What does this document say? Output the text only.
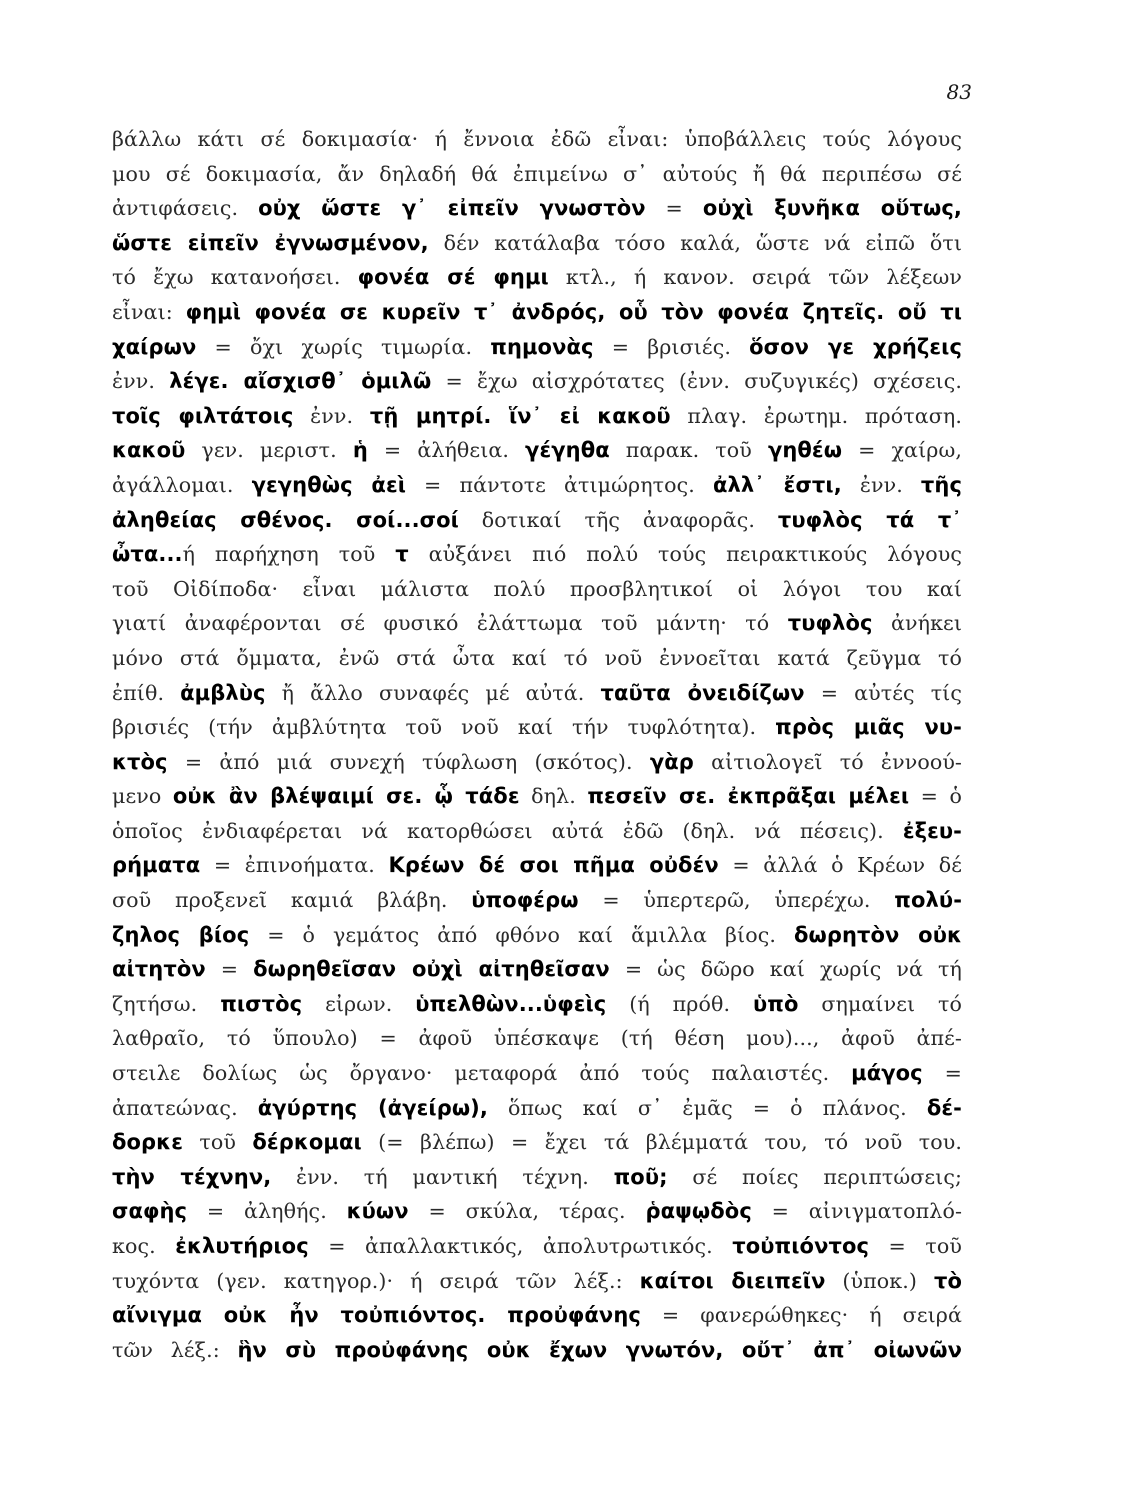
83
βάλλω κάτι σέ δοκιμασία· ή ἔννοια ἐδῶ εἶναι: ὑποβάλλεις τούς λόγους
μου σέ δοκιμασία, ἄν δηλαδή θά ἐπιμείνω σ᾽ αὐτούς ἤ θά περιπέσω σέ
ἀντιφάσεις. οὐχ ὥστε γ᾽ εἰπεῖν γνωστὸν = οὐχὶ ξυνῆκα οὕτως,
ὥστε εἰπεῖν ἐγνωσμένον, δέν κατάλαβα τόσο καλά, ὥστε νά εἰπῶ ὅτι
τό ἔχω κατανοήσει. φονέα σέ φημι κτλ., ή κανον. σειρά τῶν λέξεων
εἶναι: φημὶ φονέα σε κυρεῖν τ᾽ ἀνδρός, οὗ τὸν φονέα ζητεῖς. οὔ τι
χαίρων = ὄχι χωρίς τιμωρία. πημονὰς = βρισιές. ὅσον γε χρήζεις
ἐνν. λέγε. αἴσχισθ᾽ ὁμιλῶ = ἔχω αἰσχρότατες (ἐνν. συζυγικές) σχέσεις.
τοῖς φιλτάτοις ἐνν. τῇ μητρί. ἵν᾽ εἰ κακοῦ πλαγ. ἐρωτημ. πρόταση.
κακοῦ γεν. μεριστ. ἡ = ἀλήθεια. γέγηθα παρακ. τοῦ γηθέω = χαίρω,
ἀγάλλομαι. γεγηθὼς ἀεὶ = πάντοτε ἀτιμώρητος. ἀλλ᾽ ἔστι, ἐνν. τῆς
ἀληθείας σθένος. σοί...σοί δοτικαί τῆς ἀναφορᾶς. τυφλὸς τά τ᾽
ὦτα...ή παρήχηση τοῦ τ αὐξάνει πιό πολύ τούς πειρακτικούς λόγους
τοῦ Οἰδίποδα· εἶναι μάλιστα πολύ προσβλητικοί οἱ λόγοι του καί
γιατί ἀναφέρονται σέ φυσικό ἐλάττωμα τοῦ μάντη· τό τυφλὸς ἀνήκει
μόνο στά ὄμματα, ἐνῶ στά ὦτα καί τό νοῦ ἐννοεῖται κατά ζεῦγμα τό
ἐπίθ. ἀμβλὺς ἤ ἄλλο συναφές μέ αὐτά. ταῦτα ὀνειδίζων = αὐτές τίς
βρισιές (τήν ἀμβλύτητα τοῦ νοῦ καί τήν τυφλότητα). πρὸς μιᾶς νυ-
κτὸς = ἀπό μιά συνεχή τύφλωση (σκότος). γὰρ αἰτιολογεῖ τό ἐννοού-
μενο οὐκ ἂν βλέψαιμί σε. ᾧ τάδε δηλ. πεσεῖν σε. ἐκπρᾶξαι μέλει = ὁ
ὁποῖος ἐνδιαφέρεται νά κατορθώσει αὐτά ἐδῶ (δηλ. νά πέσεις). ἐξευ-
ρήματα = ἐπινοήματα. Κρέων δέ σοι πῆμα οὐδέν = ἀλλά ὁ Κρέων δέ
σοῦ προξενεῖ καμιά βλάβη. ὑποφέρω = ὑπερτερῶ, ὑπερέχω. πολύ-
ζηλος βίος = ὁ γεμάτος ἀπό φθόνο καί ἅμιλλα βίος. δωρητὸν οὐκ
αἰτητὸν = δωρηθεῖσαν οὐχὶ αἰτηθεῖσαν = ὡς δῶρο καί χωρίς νά τή
ζητήσω. πιστὸς εἰρων. ὑπελθὼν...ὑφεὶς (ή πρόθ. ὑπὸ σημαίνει τό
λαθραῖο, τό ὕπουλο) = ἀφοῦ ὑπέσκαψε (τή θέση μου)..., ἀφοῦ ἀπέ-
στειλε δολίως ὡς ὄργανο· μεταφορά ἀπό τούς παλαιστές. μάγος =
ἀπατεώνας. ἀγύρτης (ἀγείρω), ὅπως καί σ᾽ ἐμᾶς = ὁ πλάνος. δέ-
δορκε τοῦ δέρκομαι (= βλέπω) = ἔχει τά βλέμματά του, τό νοῦ του.
τὴν τέχνην, ἐνν. τή μαντική τέχνη. ποῦ; σέ ποίες περιπτώσεις;
σαφὴς = ἀληθής. κύων = σκύλα, τέρας. ῥαψῳδὸς = αἰνιγματοπλό-
κος. ἐκλυτήριος = ἀπαλλακτικός, ἀπολυτρωτικός. τοὐπιόντος = τοῦ
τυχόντα (γεν. κατηγορ.)· ή σειρά τῶν λέξ.: καίτοι διειπεῖν (ὑποκ.) τὸ
αἴνιγμα οὐκ ἦν τοὐπιόντος. προὐφάνης = φανερώθηκες· ή σειρά
τῶν λέξ.: ἣν σὺ προὐφάνης οὐκ ἔχων γνωτόν, οὔτ᾽ ἀπ᾽ οἰωνῶν
